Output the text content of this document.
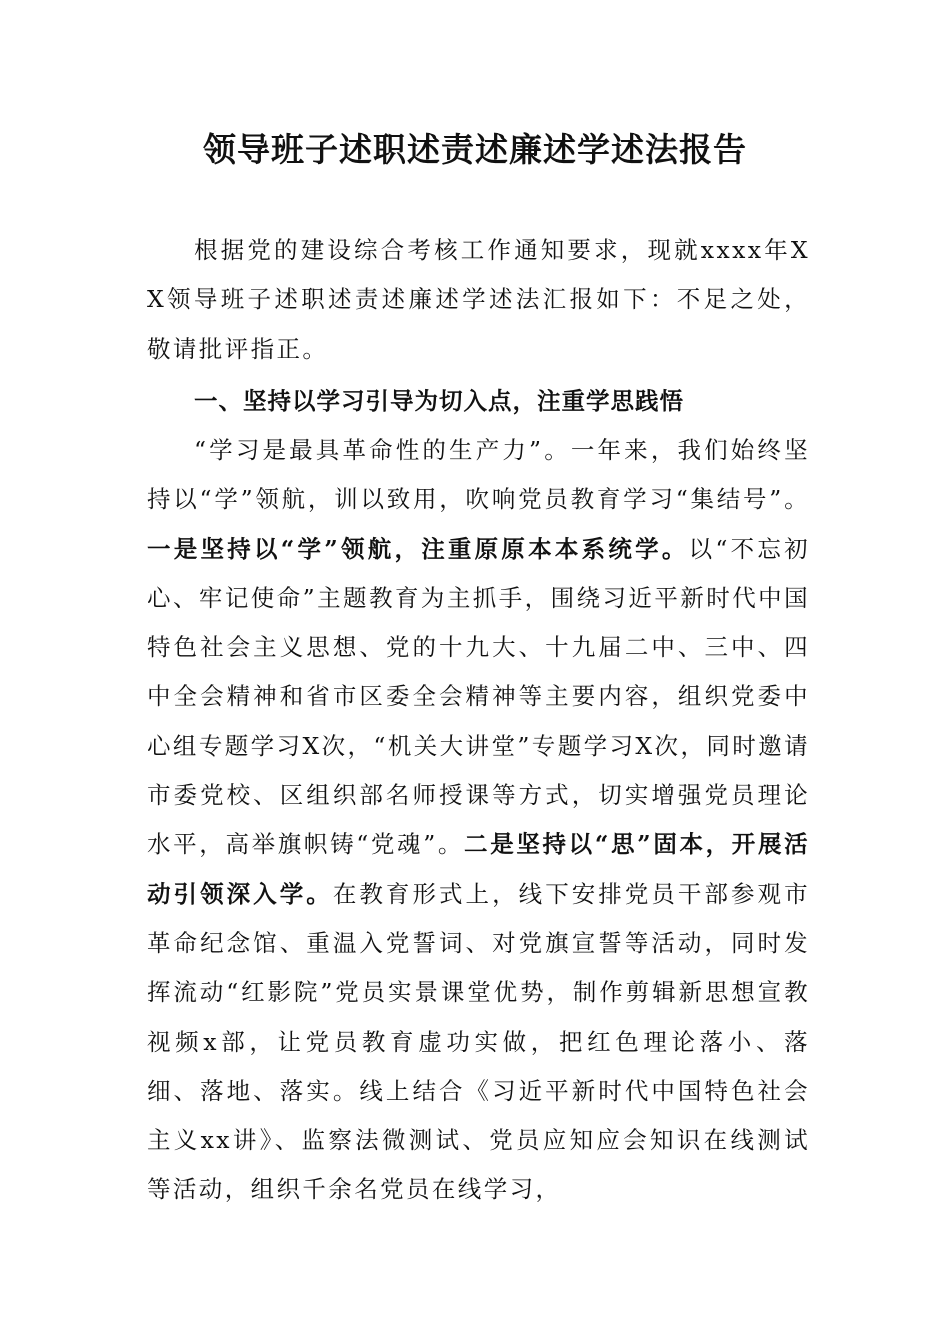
领导班子述职述责述廉述学述法报告

根据党的建设综合考核工作通知要求，现就xxxx年XX领导班子述职述责述廉述学述法汇报如下：不足之处，敬请批评指正。

一、坚持以学习引导为切入点，注重学思践悟

“学习是最具革命性的生产力”。一年来，我们始终坚持以“学”领航，训以致用，吹响党员教育学习“集结号”。一是坚持以“学”领航，注重原原本本系统学。以“不忘初心、牢记使命”主题教育为主抓手，围绕习近平新时代中国特色社会主义思想、党的十九大、十九届二中、三中、四中全会精神和省市区委全会精神等主要内容，组织党委中心组专题学习X次，“机关大讲堂”专题学习X次，同时邀请市委党校、区组织部名师授课等方式，切实增强党员理论水平，高举旗帜铸“党魂”。二是坚持以“思”固本，开展活动引领深入学。在教育形式上，线下安排党员干部参观市革命纪念馆、重温入党誓词、对党旗宣誓等活动，同时发挥流动“红影院”党员实景课堂优势，制作剪辑新思想宣教视频x部，让党员教育虚功实做，把红色理论落小、落细、落地、落实。线上结合《习近平新时代中国特色社会主义xx讲》、监察法微测试、党员应知应会知识在线测试等活动，组织千余名党员在线学习，
